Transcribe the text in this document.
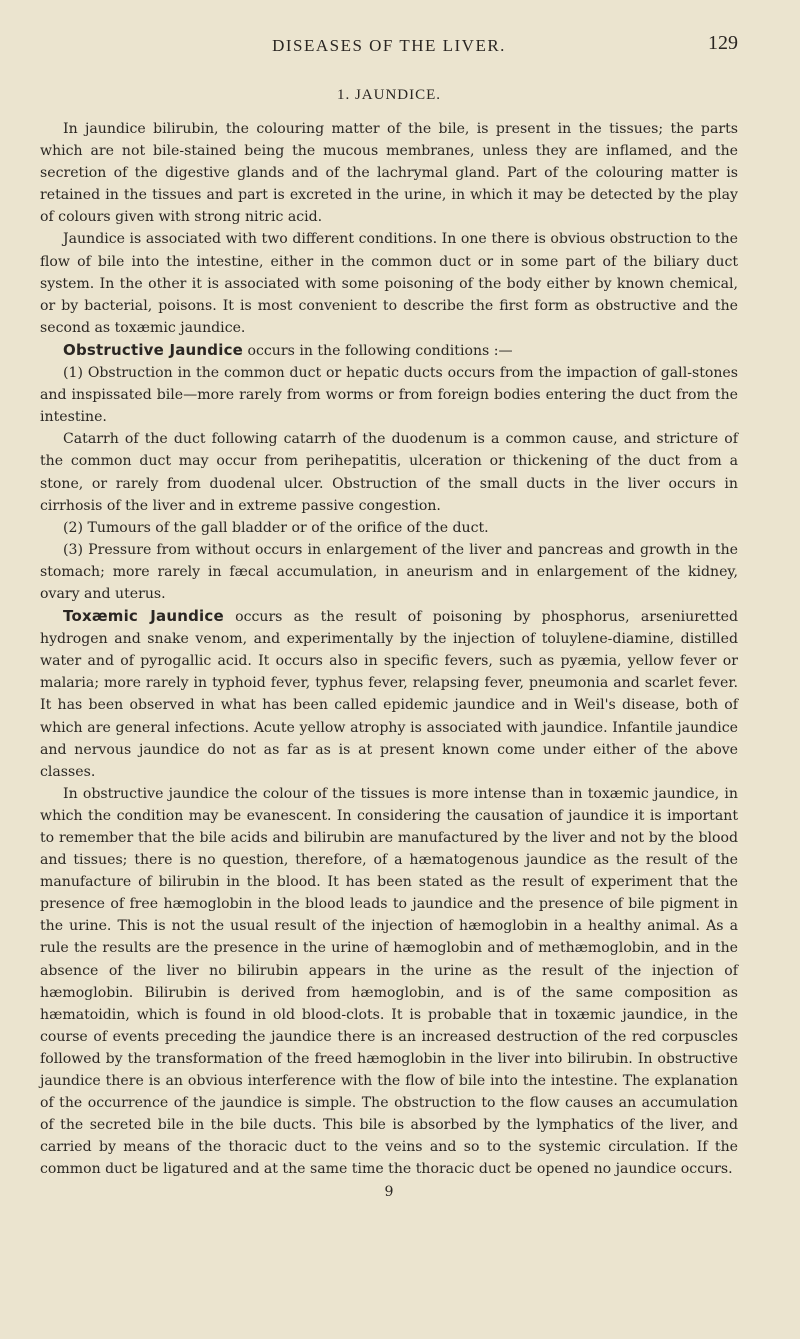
DISEASES OF THE LIVER.	129
1. JAUNDICE.

In jaundice bilirubin, the colouring matter of the bile, is present in the tissues; the parts which are not bile-stained being the mucous membranes, unless they are inflamed, and the secretion of the digestive glands and of the lachrymal gland. Part of the colouring matter is retained in the tissues and part is excreted in the urine, in which it may be detected by the play of colours given with strong nitric acid.

Jaundice is associated with two different conditions. In one there is obvious obstruction to the flow of bile into the intestine, either in the common duct or in some part of the biliary duct system. In the other it is associated with some poisoning of the body either by known chemical, or by bacterial, poisons. It is most convenient to describe the first form as obstructive and the second as toxæmic jaundice.

Obstructive Jaundice occurs in the following conditions :—

(1) Obstruction in the common duct or hepatic ducts occurs from the impaction of gall-stones and inspissated bile—more rarely from worms or from foreign bodies entering the duct from the intestine.

Catarrh of the duct following catarrh of the duodenum is a common cause, and stricture of the common duct may occur from perihepatitis, ulceration or thickening of the duct from a stone, or rarely from duodenal ulcer. Obstruction of the small ducts in the liver occurs in cirrhosis of the liver and in extreme passive congestion.

(2) Tumours of the gall bladder or of the orifice of the duct.

(3) Pressure from without occurs in enlargement of the liver and pancreas and growth in the stomach; more rarely in fæcal accumulation, in aneurism and in enlargement of the kidney, ovary and uterus.

Toxæmic Jaundice occurs as the result of poisoning by phosphorus, arseniuretted hydrogen and snake venom, and experimentally by the injection of toluylene-diamine, distilled water and of pyrogallic acid. It occurs also in specific fevers, such as pyæmia, yellow fever or malaria; more rarely in typhoid fever, typhus fever, relapsing fever, pneumonia and scarlet fever. It has been observed in what has been called epidemic jaundice and in Weil's disease, both of which are general infections. Acute yellow atrophy is associated with jaundice. Infantile jaundice and nervous jaundice do not as far as is at present known come under either of the above classes.

In obstructive jaundice the colour of the tissues is more intense than in toxæmic jaundice, in which the condition may be evanescent. In considering the causation of jaundice it is important to remember that the bile acids and bilirubin are manufactured by the liver and not by the blood and tissues; there is no question, therefore, of a hæmatogenous jaundice as the result of the manufacture of bilirubin in the blood. It has been stated as the result of experiment that the presence of free hæmoglobin in the blood leads to jaundice and the presence of bile pigment in the urine. This is not the usual result of the injection of hæmoglobin in a healthy animal. As a rule the results are the presence in the urine of hæmoglobin and of methæmoglobin, and in the absence of the liver no bilirubin appears in the urine as the result of the injection of hæmoglobin. Bilirubin is derived from hæmoglobin, and is of the same composition as hæmatoidin, which is found in old blood-clots. It is probable that in toxæmic jaundice, in the course of events preceding the jaundice there is an increased destruction of the red corpuscles followed by the transformation of the freed hæmoglobin in the liver into bilirubin. In obstructive jaundice there is an obvious interference with the flow of bile into the intestine. The explanation of the occurrence of the jaundice is simple. The obstruction to the flow causes an accumulation of the secreted bile in the bile ducts. This bile is absorbed by the lymphatics of the liver, and carried by means of the thoracic duct to the veins and so to the systemic circulation. If the common duct be ligatured and at the same time the thoracic duct be opened no jaundice occurs.

9
